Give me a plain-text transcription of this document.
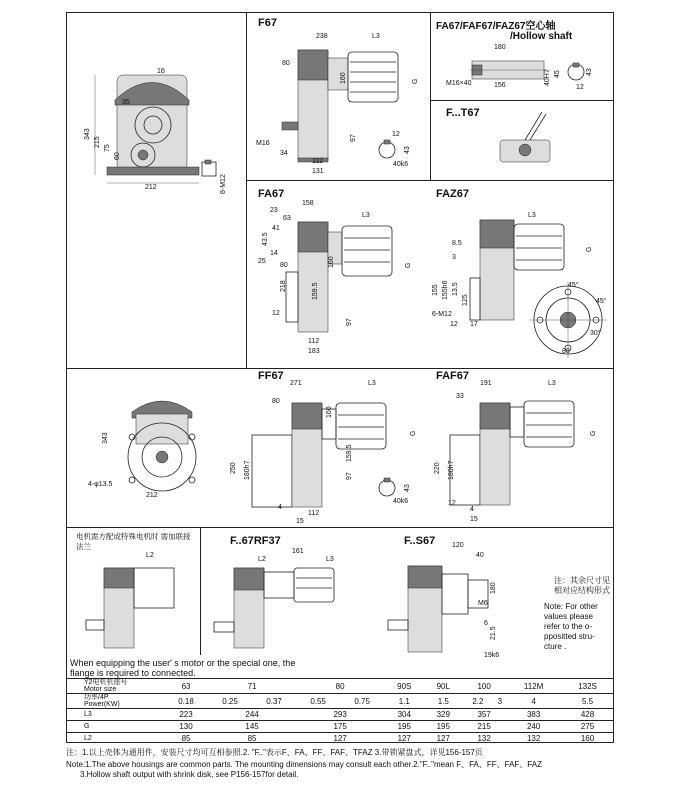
F67
343
215
75
60
16
212
35
8-M12
238	L3
80
G
160
M16
34
97
112
131
12
43
40k6
FA67/FAF67/FAZ67空心轴
/Hollow shaft
180
156
M16×40	40H7 45	43
12
F...T67
FA67
158
23
63
41
43.5
14
25
80
218
12
159.5
L3
G
160
97
112
183
FAZ67
L3
G
8.5
3
155 155h6 13.5
125
6-M12
12 17
45°
45°
30°
80
343
4-φ13.5
212
FF67
271	L3
80
250 180h7
159.5
G
160
97
112
15
4
43
40k6
FAF67
191	L3
33
220 180h7
G
12
4
15
电机需方配或特殊电机时 需加联接法兰
L2
F..67RF37
161
L3
L2
F..S67 120
40
180
M6
6
21.5
19k6
注：其余尺寸见 相对应结构形式
Note: For other values please refer to the o-ppositted stru-cture .
When equipping the user′ s motor or the special one, the flange is required to connected.
Y2电机机座号
Motor size	63	71		80		90S	90L	100		112M	132S
功率/4P
Power(KW)	0.18	0.25	0.37	0.55	0.75	1.1	1.5	2.2	3	4	5.5
L3	223	244		293		304	329	357		383	428
G	130	145		175		195	195	215		240	275
L2	85	85		127		127	127	132		132	160
注：1.以上壳体为通用件，安装尺寸均可互相参照.2. "F.."表示F、FA、FF、FAF、TFAZ 3.带锁紧盘式，详见156-157页
Note:1.The above housings are common parts. The mounting dimensions may consult each other.2."F.."mean F、FA、FF、FAF、FAZ
3.Hollow shaft output with shrink disk, see P156-157for detail.
